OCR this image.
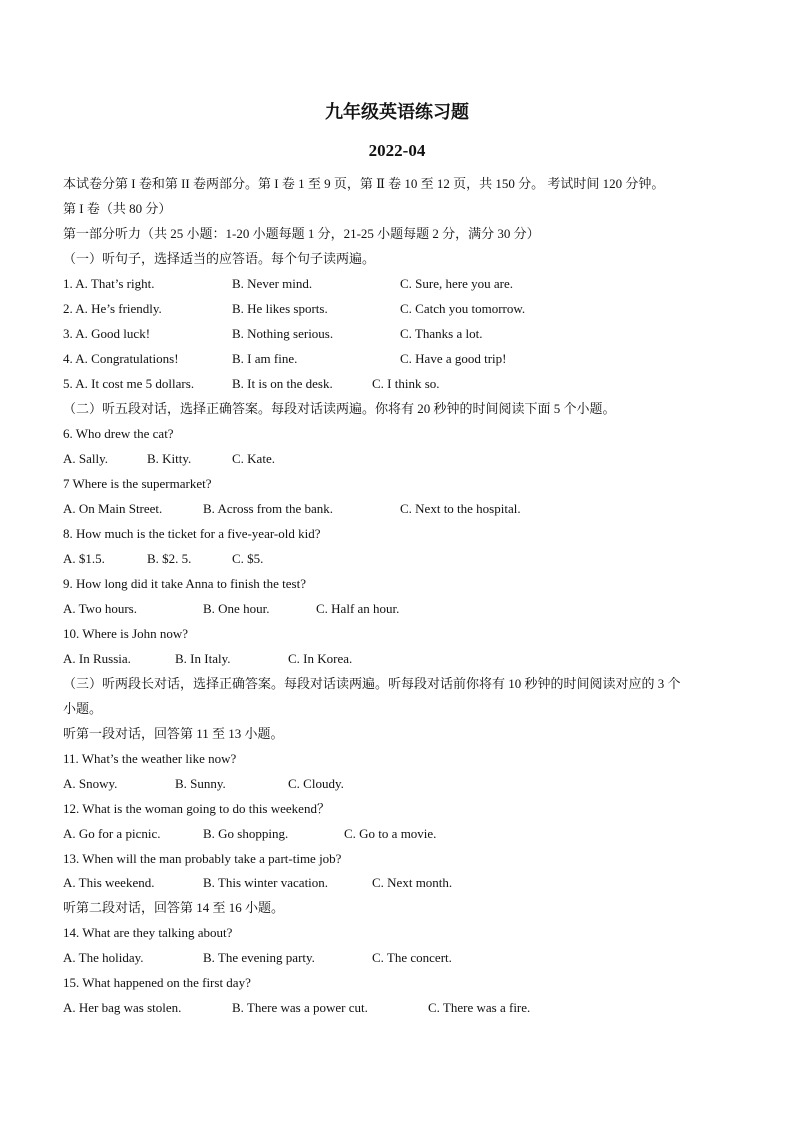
九年级英语练习题
2022-04
本试卷分第 I 卷和第 II 卷两部分。第 I 卷 1 至 9 页，第 Ⅱ 卷 10 至 12 页，共 150 分。 考试时间 120 分钟。
第 I 卷（共 80 分）
第一部分听力（共 25 小题：1-20 小题每题 1 分，21-25 小题每题 2 分，满分 30 分）
（一）听句子，选择适当的应答语。每个句子读两遍。
1. A. That’s right.	B. Never mind.	C. Sure, here you are.
2. A. He’s friendly.	B. He likes sports.	C. Catch you tomorrow.
3. A. Good luck!	B. Nothing serious.	C. Thanks a lot.
4. A. Congratulations!	B. I am fine.	C. Have a good trip!
5. A. It cost me 5 dollars.	B. It is on the desk.	C. I think so.
（二）听五段对话，选择正确答案。每段对话读两遍。你将有 20 秒钟的时间阅读下面 5 个小题。
6. Who drew the cat?
A. Sally.	B. Kitty.	C. Kate.
7 Where is the supermarket?
A. On Main Street.	B. Across from the bank.	C. Next to the hospital.
8. How much is the ticket for a five-year-old kid?
A. $1.5.	B. $2. 5.	C. $5.
9. How long did it take Anna to finish the test?
A. Two hours.	B. One hour.	C. Half an hour.
10. Where is John now?
A. In Russia.	B. In Italy.	C. In Korea.
（三）听两段长对话，选择正确答案。每段对话读两遍。听每段对话前你将有 10 秒钟的时间阅读对应的 3 个
小题。
听第一段对话，回答第 11 至 13 小题。
11. What’s the weather like now?
A. Snowy.	B. Sunny.	C. Cloudy.
12. What is the woman going to do this weekend？
A. Go for a picnic.	B. Go shopping.	C. Go to a movie.
13. When will the man probably take a part-time job?
A. This weekend.	B. This winter vacation.	C. Next month.
听第二段对话，回答第 14 至 16 小题。
14. What are they talking about?
A. The holiday.	B. The evening party.	C. The concert.
15. What happened on the first day?
A. Her bag was stolen.	B. There was a power cut.	C. There was a fire.
